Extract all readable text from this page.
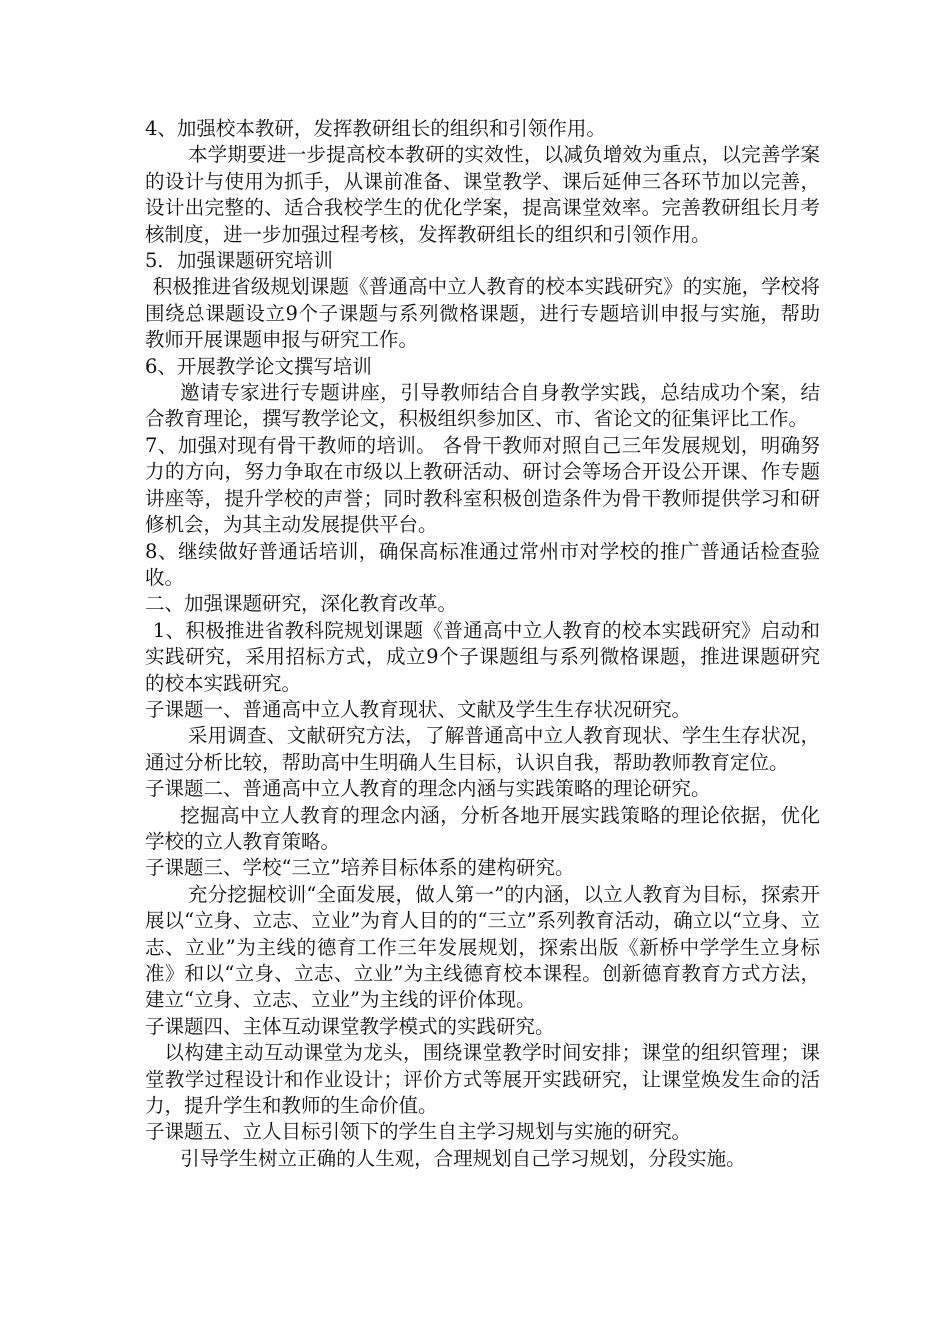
4、加强校本教研，发挥教研组长的组织和引领作用。

本学期要进一步提高校本教研的实效性，以减负增效为重点，以完善学案的设计与使用为抓手，从课前准备、课堂教学、课后延伸三各环节加以完善，设计出完整的、适合我校学生的优化学案，提高课堂效率。完善教研组长月考核制度，进一步加强过程考核，发挥教研组长的组织和引领作用。

5．加强课题研究培训

积极推进省级规划课题《普通高中立人教育的校本实践研究》的实施，学校将围绕总课题设立9个子课题与系列微格课题，进行专题培训申报与实施，帮助教师开展课题申报与研究工作。

6、开展教学论文撰写培训

邀请专家进行专题讲座，引导教师结合自身教学实践，总结成功个案，结合教育理论，撰写教学论文，积极组织参加区、市、省论文的征集评比工作。

7、加强对现有骨干教师的培训。 各骨干教师对照自己三年发展规划，明确努力的方向，努力争取在市级以上教研活动、研讨会等场合开设公开课、作专题讲座等，提升学校的声誉；同时教科室积极创造条件为骨干教师提供学习和研修机会，为其主动发展提供平台。

8、继续做好普通话培训，确保高标准通过常州市对学校的推广普通话检查验收。

二、加强课题研究，深化教育改革。

1、积极推进省教科院规划课题《普通高中立人教育的校本实践研究》启动和实践研究，采用招标方式，成立9个子课题组与系列微格课题，推进课题研究的校本实践研究。

子课题一、普通高中立人教育现状、文献及学生生存状况研究。

采用调查、文献研究方法，了解普通高中立人教育现状、学生生存状况，通过分析比较，帮助高中生明确人生目标，认识自我，帮助教师教育定位。

子课题二、普通高中立人教育的理念内涵与实践策略的理论研究。

挖掘高中立人教育的理念内涵，分析各地开展实践策略的理论依据，优化学校的立人教育策略。

子课题三、学校“三立”培养目标体系的建构研究。

充分挖掘校训“全面发展，做人第一”的内涵，以立人教育为目标，探索开展以“立身、立志、立业”为育人目的的“三立”系列教育活动，确立以“立身、立志、立业”为主线的德育工作三年发展规划，探索出版《新桥中学学生立身标准》和以“立身、立志、立业”为主线德育校本课程。创新德育教育方式方法，建立“立身、立志、立业”为主线的评价体现。

子课题四、主体互动课堂教学模式的实践研究。

以构建主动互动课堂为龙头，围绕课堂教学时间安排；课堂的组织管理；课堂教学过程设计和作业设计；评价方式等展开实践研究，让课堂焕发生命的活力，提升学生和教师的生命价值。

子课题五、立人目标引领下的学生自主学习规划与实施的研究。

引导学生树立正确的人生观，合理规划自己学习规划，分段实施。
